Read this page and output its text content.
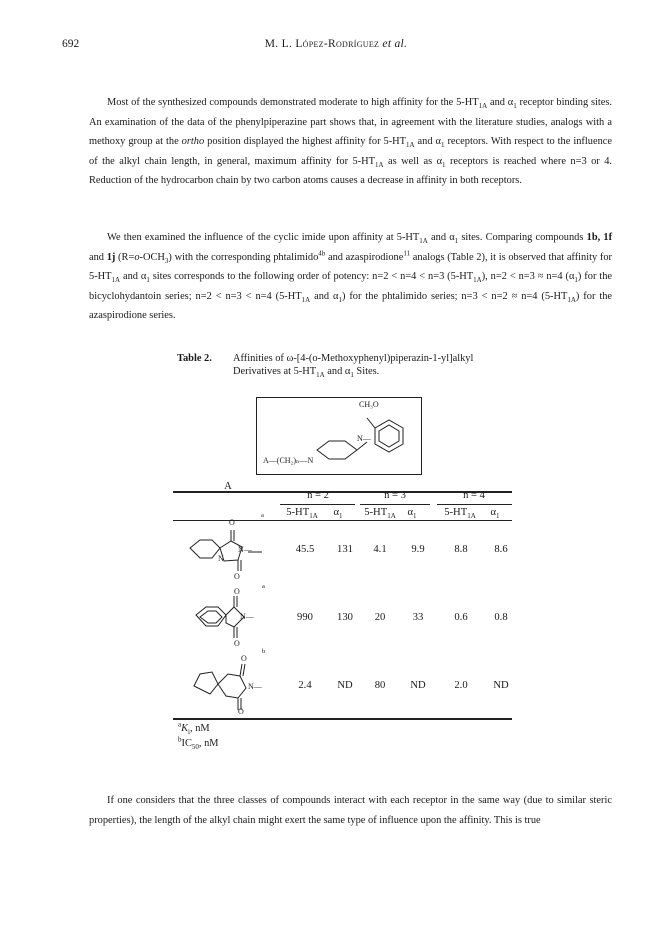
692	M. L. López-Rodríguez et al.

Most of the synthesized compounds demonstrated moderate to high affinity for the $5-HT_{1A}$ and $\alpha_1$ receptor binding sites. An examination of the data of the phenylpiperazine part shows that, in agreement with the literature studies, analogs with a methoxy group at the ortho position displayed the highest affinity for $5-HT_{1A}$ and $\alpha_1$ receptors. With respect to the influence of the alkyl chain length, in general, maximum affinity for $5-HT_{1A}$ as well as $\alpha_1$ receptors is reached where n=3 or 4. Reduction of the hydrocarbon chain by two carbon atoms causes a decrease in affinity in both receptors.

We then examined the influence of the cyclic imide upon affinity at $5-HT_{1A}$ and $\alpha_1$ sites. Comparing compounds 1b, 1f and 1j $(R=o-OCH_3)$ with the corresponding phtalimido$^{4b}$ and azaspirodione$^{11}$ analogs (Table 2), it is observed that affinity for $5-HT_{1A}$ and $\alpha_1$ sites corresponds to the following order of potency: n=2 < n=4 < n=3 $(5-HT_{1A})$, n=2 < n=3 ≈ n=4 $(\alpha_1)$ for the bicyclohydantoin series; n=2 < n=3 < n=4 ($5-HT_{1A}$ and $\alpha_1$) for the phtalimido series; n=3 < n=2 ≈ n=4 $(5-HT_{1A})$ for the azaspirodione series.

Table 2. Affinities of ω-[4-(o-Methoxyphenyl)piperazin-1-yl]alkyl
Derivatives at $5-HT_{1A}$ and $\alpha_1$ Sites.
CH₃O
A—(CH₂)ₙ—N
N—
A
n = 2	n = 3	n = 4
$5-HT_{1A}$	$\alpha_1$	$5-HT_{1A}$	$\alpha_1$	$5-HT_{1A}$	$\alpha_1$
a
O
N
N—
O
a
O
N—
O
b
O
N—
O
45.5	131	4.1	9.9	8.8	8.6
990	130	20	33	0.6	0.8
2.4	ND	80	ND	2.0	ND
$^aK_i$, nM
$^bIC_{50}$, nM

If one considers that the three classes of compounds interact with each receptor in the same way (due to similar steric properties), the length of the alkyl chain might exert the same type of influence upon the affinity. This is true
